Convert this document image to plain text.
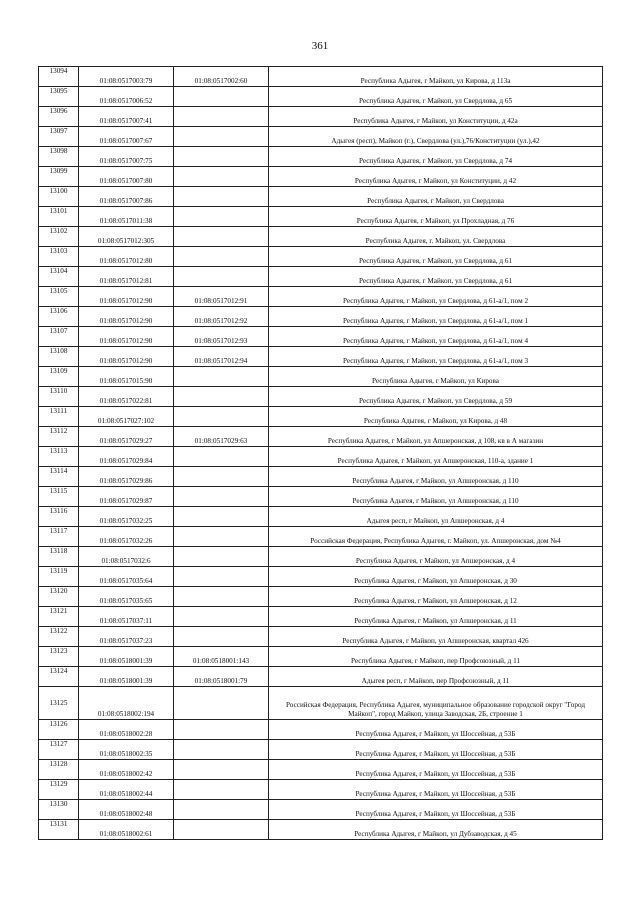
361
13094	01:08:0517003:79	01:08:0517002:60	Республика Адыгея, г Майкоп, ул Кирова, д 113а
13095	01:08:0517006:52		Республика Адыгея, г Майкоп, ул Свердлова, д 65
13096	01:08:0517007:41		Республика Адыгея, г Майкоп, ул Конституции, д 42а
13097	01:08:0517007:67		Адыгея (респ), Майкоп (г.), Свердлова (ул.),76/Конституции (ул.),42
13098	01:08:0517007:75		Республика Адыгея, г Майкоп, ул Свердлова, д 74
13099	01:08:0517007:80		Республика Адыгея, г Майкоп, ул Конституции, д 42
13100	01:08:0517007:86		Республика Адыгея, г Майкоп, ул Свердлова
13101	01:08:0517011:38		Республика Адыгея, г Майкоп, ул Прохладная, д 76
13102	01:08:0517012:305		Республика Адыгея, г. Майкоп, ул. Свердлова
13103	01:08:0517012:80		Республика Адыгея, г Майкоп, ул Свердлова, д 61
13104	01:08:0517012:81		Республика Адыгея, г Майкоп, ул Свердлова, д 61
13105	01:08:0517012:90	01:08:0517012:91	Республика Адыгея, г Майкоп, ул Свердлова, д 61-а/1, пом 2
13106	01:08:0517012:90	01:08:0517012:92	Республика Адыгея, г Майкоп, ул Свердлова, д 61-а/1, пом 1
13107	01:08:0517012:90	01:08:0517012:93	Республика Адыгея, г Майкоп, ул Свердлова, д 61-а/1, пом 4
13108	01:08:0517012:90	01:08:0517012:94	Республика Адыгея, г Майкоп, ул Свердлова, д 61-а/1, пом 3
13109	01:08:0517015:90		Республика Адыгея, г Майкоп, ул Кирова
13110	01:08:0517022:81		Республика Адыгея, г Майкоп, ул Свердлова, д 59
13111	01:08:0517027:102		Республика Адыгея, г Майкоп, ул Кирова, д 48
13112	01:08:0517029:27	01:08:0517029:63	Республика Адыгея, г Майкоп, ул Апшеронская, д 108, кв в А магазин
13113	01:08:0517029:84		Республика Адыгея, г Майкоп, ул Апшеронская, 110-а, здание 1
13114	01:08:0517029:86		Республика Адыгея, г Майкоп, ул Апшеронская, д 110
13115	01:08:0517029:87		Республика Адыгея, г Майкоп, ул Апшеронская, д 110
13116	01:08:0517032:25		Адыгея респ, г Майкоп, ул Апшеронская, д 4
13117	01:08:0517032:26		Российская Федерация, Республика Адыгея, г. Майкоп, ул. Апшеронская, дом №4
13118	01:08:0517032:6		Республика Адыгея, г Майкоп, ул Апшеронская, д 4
13119	01:08:0517035:64		Республика Адыгея, г Майкоп, ул Апшеронская, д 30
13120	01:08:0517035:65		Республика Адыгея, г Майкоп, ул Апшеронская, д 12
13121	01:08:0517037:11		Республика Адыгея, г Майкоп, ул Апшеронская, д 11
13122	01:08:0517037:23		Республика Адыгея, г Майкоп, ул Апшеронская, квартал 426
13123	01:08:0518001:39	01:08:0518001:143	Республика Адыгея, г Майкоп, пер Профсоюзный, д 11
13124	01:08:0518001:39	01:08:0518001:79	Адыгея респ, г Майкоп, пер Профсоюзный, д 11
13125	01:08:0518002:194		Российская Федерация, Республика Адыгея, муниципальное образование городской округ "Город Майкоп", город Майкоп, улица Заводская, 2Б, строение 1
13126	01:08:0518002:28		Республика Адыгея, г Майкоп, ул Шоссейная, д 53Б
13127	01:08:0518002:35		Республика Адыгея, г Майкоп, ул Шоссейная, д 53Б
13128	01:08:0518002:42		Республика Адыгея, г Майкоп, ул Шоссейная, д 53Б
13129	01:08:0518002:44		Республика Адыгея, г Майкоп, ул Шоссейная, д 53Б
13130	01:08:0518002:48		Республика Адыгея, г Майкоп, ул Шоссейная, д 53Б
13131	01:08:0518002:61		Республика Адыгея, г Майкоп, ул Дубзаводская, д 45
